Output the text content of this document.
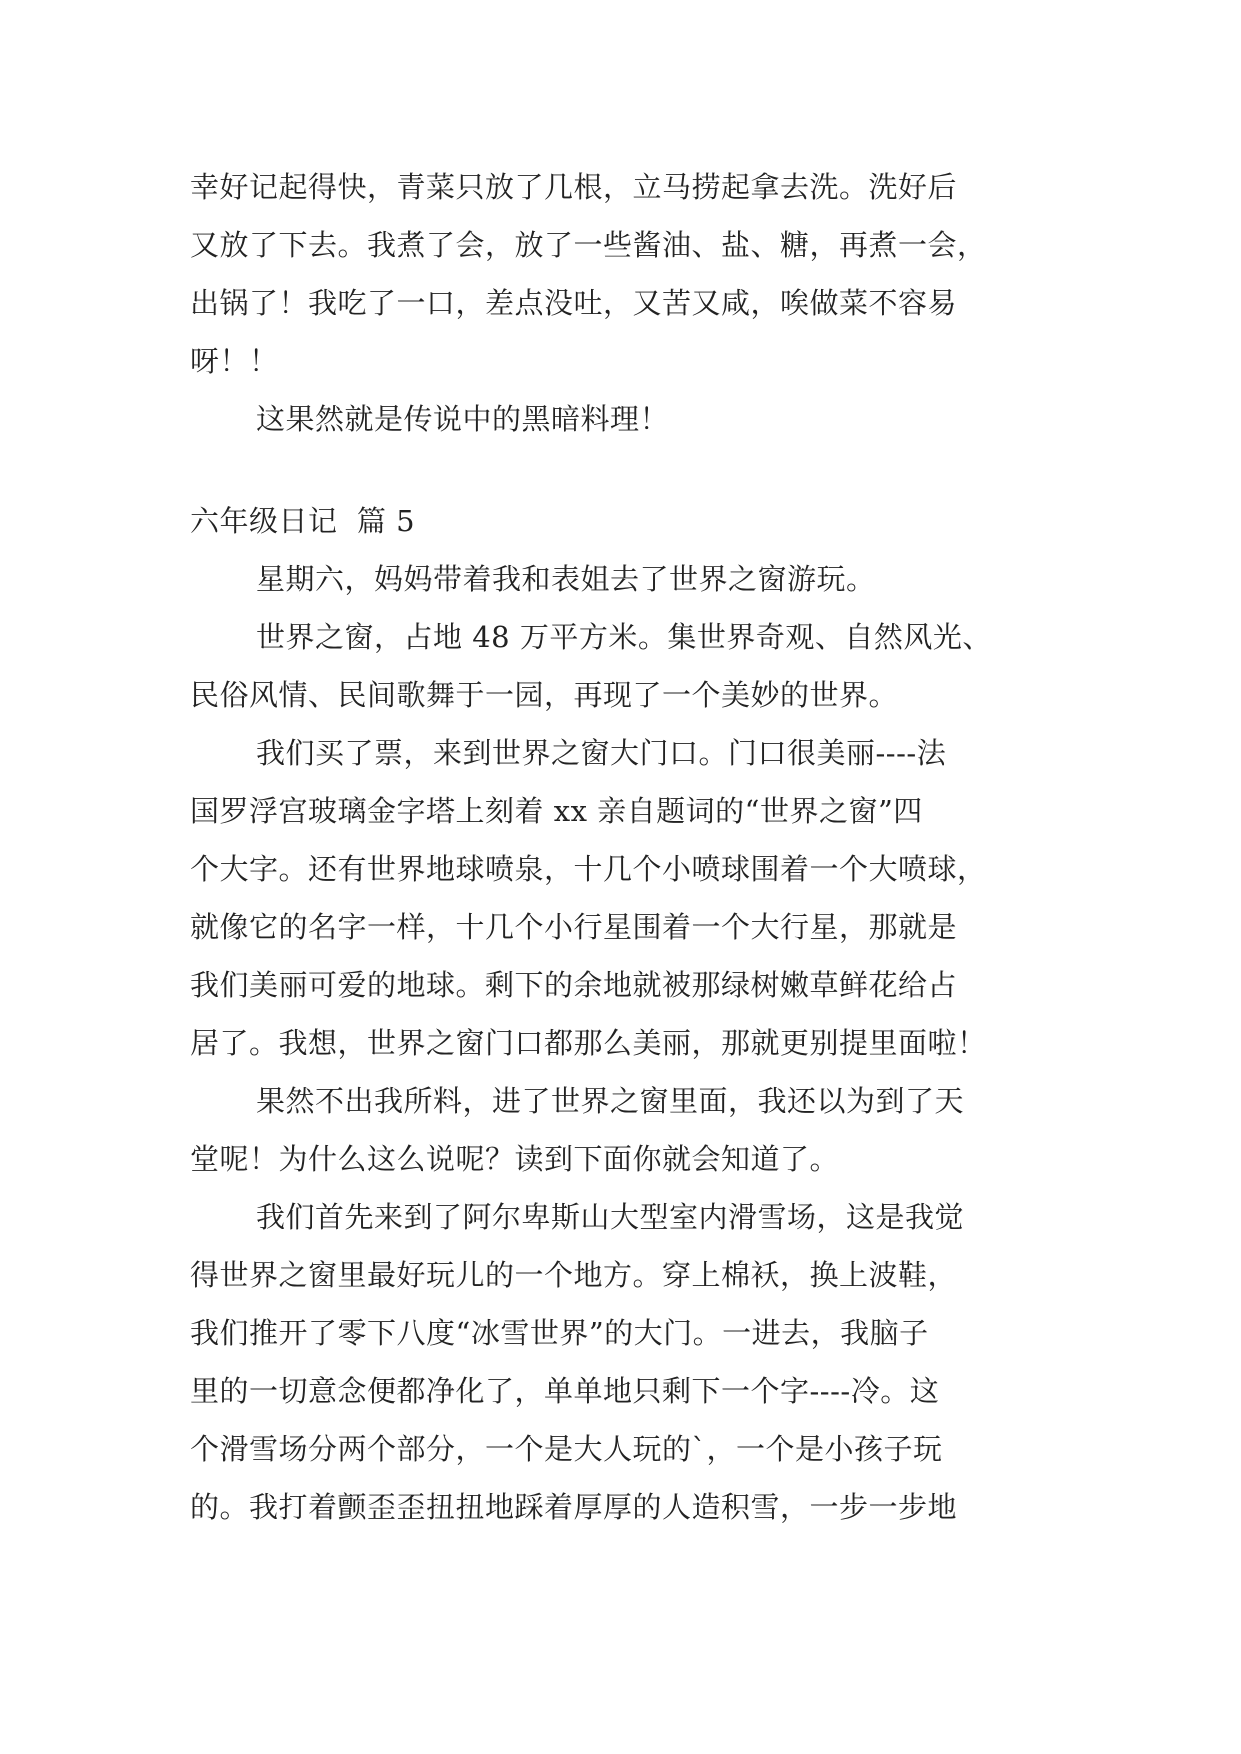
幸好记起得快，青菜只放了几根，立马捞起拿去洗。洗好后
又放了下去。我煮了会，放了一些酱油、盐、糖，再煮一会，
出锅了！我吃了一口，差点没吐，又苦又咸，唉做菜不容易
呀！！
这果然就是传说中的黑暗料理！
六年级日记  篇 5
星期六，妈妈带着我和表姐去了世界之窗游玩。
世界之窗，占地 48 万平方米。集世界奇观、自然风光、
民俗风情、民间歌舞于一园，再现了一个美妙的世界。
我们买了票，来到世界之窗大门口。门口很美丽----法
国罗浮宫玻璃金字塔上刻着 xx 亲自题词的“世界之窗”四
个大字。还有世界地球喷泉，十几个小喷球围着一个大喷球，
就像它的名字一样，十几个小行星围着一个大行星，那就是
我们美丽可爱的地球。剩下的余地就被那绿树嫩草鲜花给占
居了。我想，世界之窗门口都那么美丽，那就更别提里面啦！
果然不出我所料，进了世界之窗里面，我还以为到了天
堂呢！为什么这么说呢？读到下面你就会知道了。
我们首先来到了阿尔卑斯山大型室内滑雪场，这是我觉
得世界之窗里最好玩儿的一个地方。穿上棉袄，换上波鞋，
我们推开了零下八度“冰雪世界”的大门。一进去，我脑子
里的一切意念便都净化了，单单地只剩下一个字----冷。这
个滑雪场分两个部分，一个是大人玩的`，一个是小孩子玩
的。我打着颤歪歪扭扭地踩着厚厚的人造积雪，一步一步地
